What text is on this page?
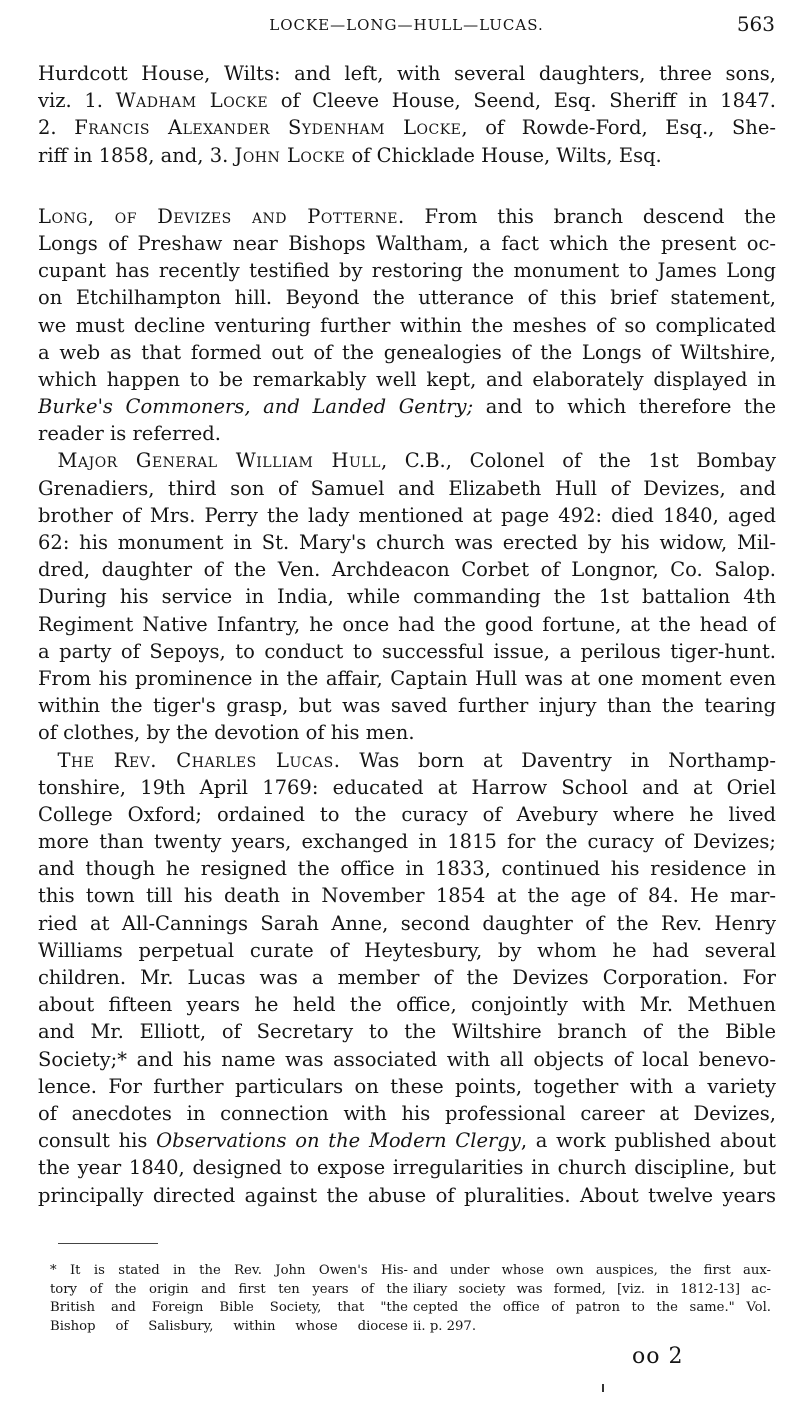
LOCKE—LONG—HULL—LUCAS.	563
Hurdcott House, Wilts: and left, with several daughters, three sons,
viz. 1. Wadham Locke of Cleeve House, Seend, Esq. Sheriff in 1847.
2. Francis Alexander Sydenham Locke, of Rowde-Ford, Esq., She-
riff in 1858, and, 3. John Locke of Chicklade House, Wilts, Esq.
Long, of Devizes and Potterne. From this branch descend the
Longs of Preshaw near Bishops Waltham, a fact which the present oc-
cupant has recently testified by restoring the monument to James Long
on Etchilhampton hill. Beyond the utterance of this brief statement,
we must decline venturing further within the meshes of so complicated
a web as that formed out of the genealogies of the Longs of Wiltshire,
which happen to be remarkably well kept, and elaborately displayed in
Burke's Commoners, and Landed Gentry; and to which therefore the
reader is referred.
 Major General William Hull, C.B., Colonel of the 1st Bombay
Grenadiers, third son of Samuel and Elizabeth Hull of Devizes, and
brother of Mrs. Perry the lady mentioned at page 492: died 1840, aged
62: his monument in St. Mary's church was erected by his widow, Mil-
dred, daughter of the Ven. Archdeacon Corbet of Longnor, Co. Salop.
During his service in India, while commanding the 1st battalion 4th
Regiment Native Infantry, he once had the good fortune, at the head of
a party of Sepoys, to conduct to successful issue, a perilous tiger-hunt.
From his prominence in the affair, Captain Hull was at one moment even
within the tiger's grasp, but was saved further injury than the tearing
of clothes, by the devotion of his men.
 The Rev. Charles Lucas. Was born at Daventry in Northamp-
tonshire, 19th April 1769: educated at Harrow School and at Oriel
College Oxford; ordained to the curacy of Avebury where he lived
more than twenty years, exchanged in 1815 for the curacy of Devizes;
and though he resigned the office in 1833, continued his residence in
this town till his death in November 1854 at the age of 84. He mar-
ried at All-Cannings Sarah Anne, second daughter of the Rev. Henry
Williams perpetual curate of Heytesbury, by whom he had several
children. Mr. Lucas was a member of the Devizes Corporation. For
about fifteen years he held the office, conjointly with Mr. Methuen
and Mr. Elliott, of Secretary to the Wiltshire branch of the Bible
Society;* and his name was associated with all objects of local benevo-
lence. For further particulars on these points, together with a variety
of anecdotes in connection with his professional career at Devizes,
consult his Observations on the Modern Clergy, a work published about
the year 1840, designed to expose irregularities in church discipline, but
principally directed against the abuse of pluralities. About twelve years
* It is stated in the Rev. John Owen's His-
tory of the origin and first ten years of the
British and Foreign Bible Society, that "the
Bishop of Salisbury, within whose diocese
and under whose own auspices, the first aux-
iliary society was formed, [viz. in 1812-13] ac-
cepted the office of patron to the same." Vol.
ii. p. 297.
oo 2
